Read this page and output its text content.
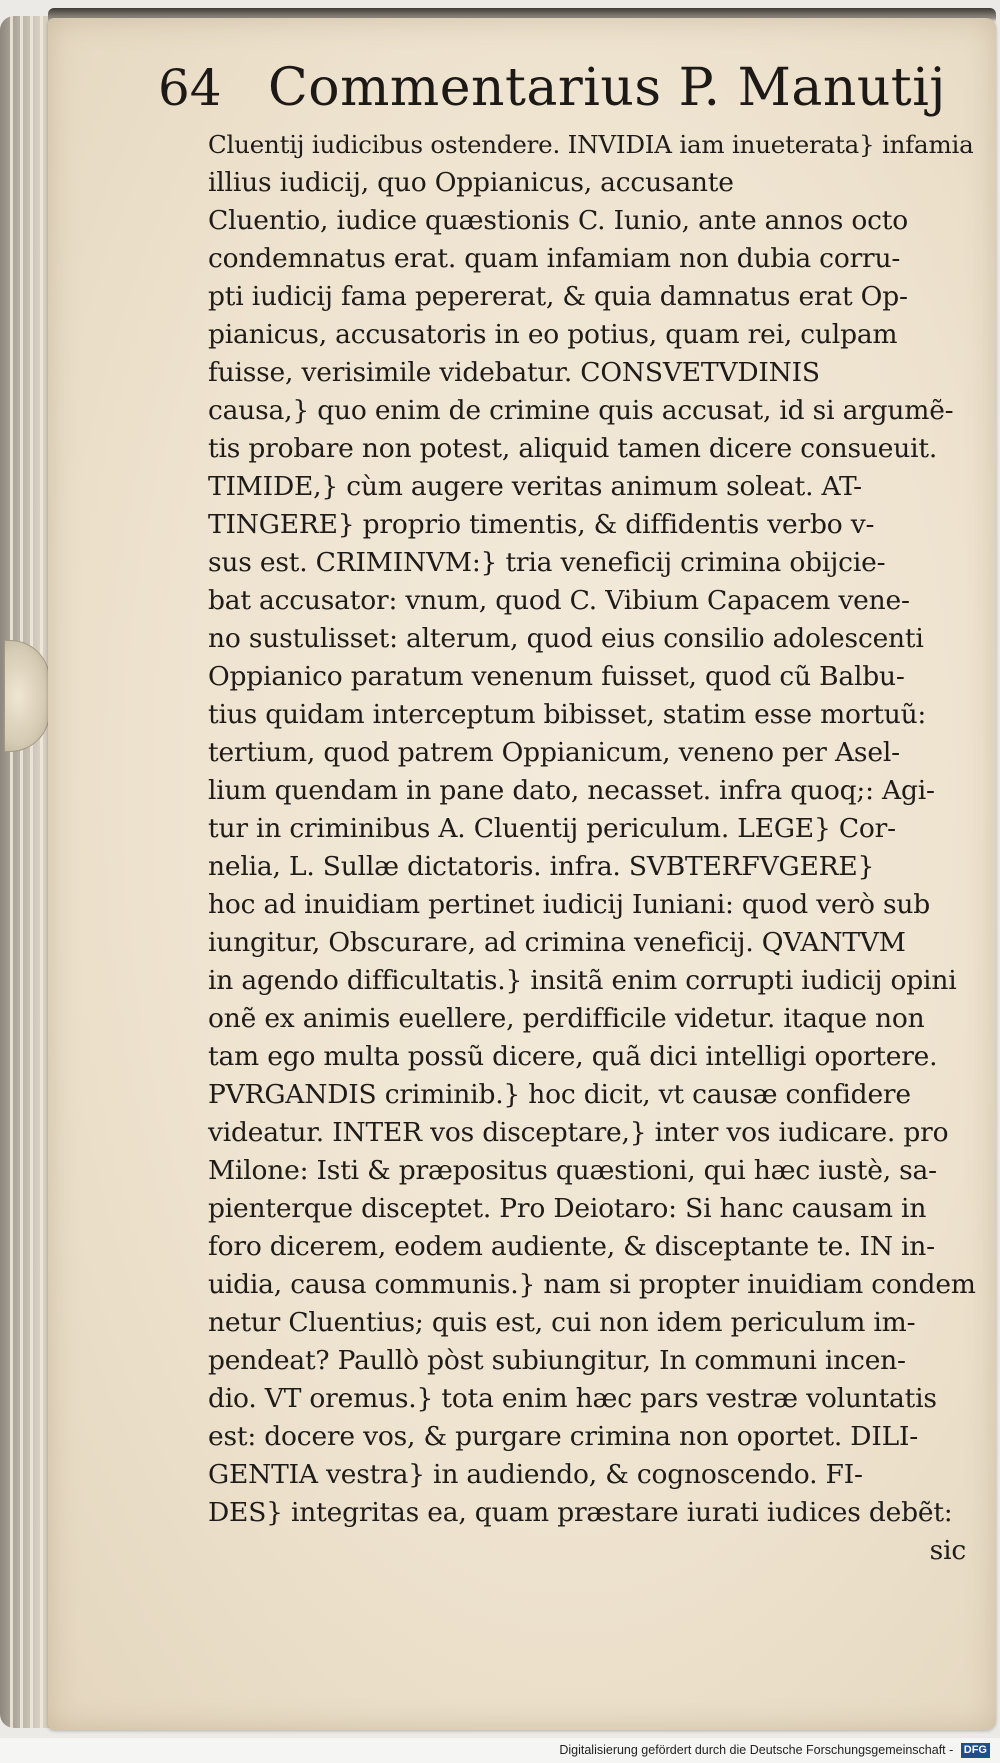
64 Commentarius P. Manutij
Cluentij iudicibus ostendere. INVIDIA iam inueterata} infamia
illius iudicij, quo Oppianicus, accusante
Cluentio, iudice quæstionis C. Iunio, ante annos octo
condemnatus erat. quam infamiam non dubia corru-
pti iudicij fama pepererat, & quia damnatus erat Op-
pianicus, accusatoris in eo potius, quam rei, culpam
fuisse, verisimile videbatur. CONSVETVDINIS
causa,} quo enim de crimine quis accusat, id si argumẽ-
tis probare non potest, aliquid tamen dicere consueuit.
TIMIDE,} cùm augere veritas animum soleat. AT-
TINGERE} proprio timentis, & diffidentis verbo v-
sus est. CRIMINVM:} tria veneficij crimina obijcie-
bat accusator: vnum, quod C. Vibium Capacem vene-
no sustulisset: alterum, quod eius consilio adolescenti
Oppianico paratum venenum fuisset, quod cũ Balbu-
tius quidam interceptum bibisset, statim esse mortuũ:
tertium, quod patrem Oppianicum, veneno per Asel-
lium quendam in pane dato, necasset. infra quoq;: Agi-
tur in criminibus A. Cluentij periculum. LEGE} Cor-
nelia, L. Sullæ dictatoris. infra. SVBTERFVGERE}
hoc ad inuidiam pertinet iudicij Iuniani: quod verò sub
iungitur, Obscurare, ad crimina veneficij. QVANTVM
in agendo difficultatis.} insitã enim corrupti iudicij opini
onẽ ex animis euellere, perdifficile videtur. itaque non
tam ego multa possũ dicere, quã dici intelligi oportere.
PVRGANDIS criminib.} hoc dicit, vt causæ confidere
videatur. INTER vos disceptare,} inter vos iudicare. pro
Milone: Isti & præpositus quæstioni, qui hæc iustè, sa-
pienterque disceptet. Pro Deiotaro: Si hanc causam in
foro dicerem, eodem audiente, & disceptante te. IN in-
uidia, causa communis.} nam si propter inuidiam condem
netur Cluentius; quis est, cui non idem periculum im-
pendeat? Paullò pòst subiungitur, In communi incen-
dio. VT oremus.} tota enim hæc pars vestræ voluntatis
est: docere vos, & purgare crimina non oportet. DILI-
GENTIA vestra} in audiendo, & cognoscendo. FI-
DES} integritas ea, quam præstare iurati iudices debẽt:
sic
Digitalisierung gefördert durch die Deutsche Forschungsgemeinschaft - DFG
